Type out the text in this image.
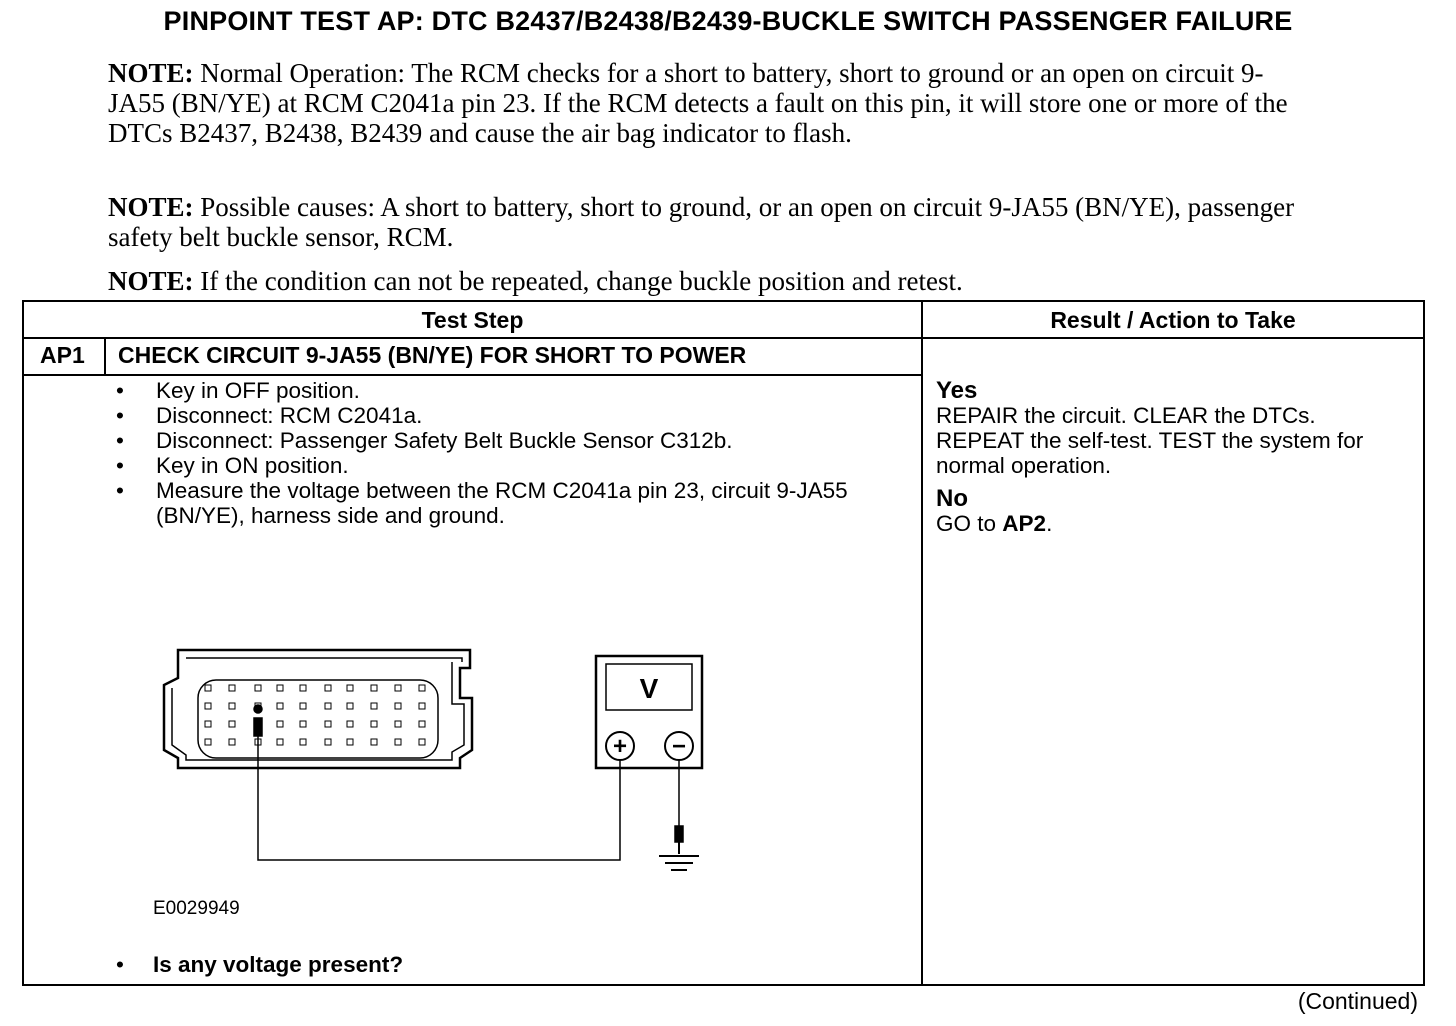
PINPOINT TEST AP: DTC B2437/B2438/B2439-BUCKLE SWITCH PASSENGER FAILURE
NOTE: Normal Operation: The RCM checks for a short to battery, short to ground or an open on circuit 9-JA55 (BN/YE) at RCM C2041a pin 23. If the RCM detects a fault on this pin, it will store one or more of the DTCs B2437, B2438, B2439 and cause the air bag indicator to flash.
NOTE: Possible causes: A short to battery, short to ground, or an open on circuit 9-JA55 (BN/YE), passenger safety belt buckle sensor, RCM.
NOTE: If the condition can not be repeated, change buckle position and retest.
Test Step	Result / Action to Take
AP1 CHECK CIRCUIT 9-JA55 (BN/YE) FOR SHORT TO POWER
• Key in OFF position.
• Disconnect: RCM C2041a.
• Disconnect: Passenger Safety Belt Buckle Sensor C312b.
• Key in ON position.
• Measure the voltage between the RCM C2041a pin 23, circuit 9-JA55 (BN/YE), harness side and ground.
Yes
REPAIR the circuit. CLEAR the DTCs. REPEAT the self-test. TEST the system for normal operation.
No
GO to AP2.
V
+ −
E0029949
• Is any voltage present?
(Continued)
